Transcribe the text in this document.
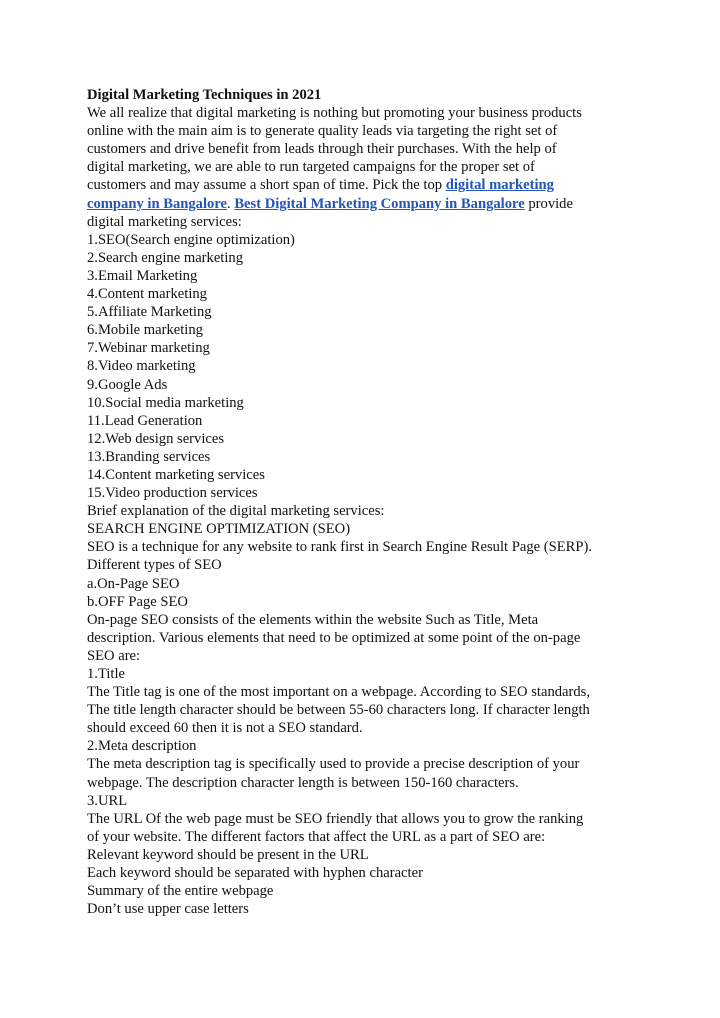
Digital Marketing Techniques in 2021
We all realize that digital marketing is nothing but promoting your business products
online with the main aim is to generate quality leads via targeting the right set of
customers and drive benefit from leads through their purchases. With the help of
digital marketing, we are able to run targeted campaigns for the proper set of
customers and may assume a short span of time. Pick the top digital marketing
company in Bangalore. Best Digital Marketing Company in Bangalore provide
digital marketing services:
1.SEO(Search engine optimization)
2.Search engine marketing
3.Email Marketing
4.Content marketing
5.Affiliate Marketing
6.Mobile marketing
7.Webinar marketing
8.Video marketing
9.Google Ads
10.Social media marketing
11.Lead Generation
12.Web design services
13.Branding services
14.Content marketing services
15.Video production services
Brief explanation of the digital marketing services:
SEARCH ENGINE OPTIMIZATION (SEO)
SEO is a technique for any website to rank first in Search Engine Result Page (SERP).
Different types of SEO
a.On-Page SEO
b.OFF Page SEO
On-page SEO consists of the elements within the website Such as Title, Meta
description. Various elements that need to be optimized at some point of the on-page
SEO are:
1.Title
The Title tag is one of the most important on a webpage. According to SEO standards,
The title length character should be between 55-60 characters long. If character length
should exceed 60 then it is not a SEO standard.
2.Meta description
The meta description tag is specifically used to provide a precise description of your
webpage. The description character length is between 150-160 characters.
3.URL
The URL Of the web page must be SEO friendly that allows you to grow the ranking
of your website. The different factors that affect the URL as a part of SEO are:
Relevant keyword should be present in the URL
Each keyword should be separated with hyphen character
Summary of the entire webpage
Don’t use upper case letters
